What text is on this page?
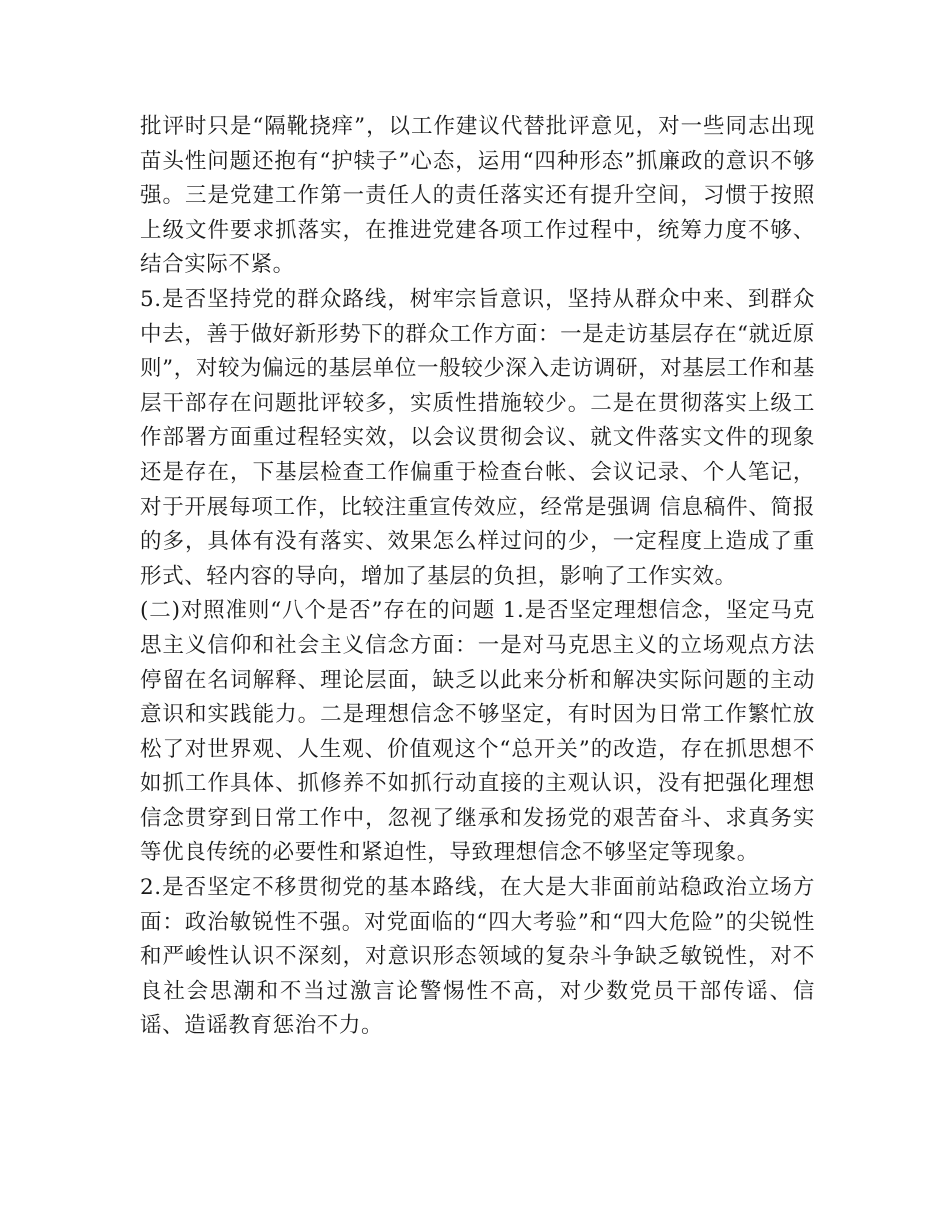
批评时只是“隔靴挠痒”，以工作建议代替批评意见，对一些同志出现苗头性问题还抱有“护犊子”心态，运用“四种形态”抓廉政的意识不够强。三是党建工作第一责任人的责任落实还有提升空间，习惯于按照上级文件要求抓落实，在推进党建各项工作过程中，统筹力度不够、结合实际不紧。

5.是否坚持党的群众路线，树牢宗旨意识，坚持从群众中来、到群众中去，善于做好新形势下的群众工作方面：一是走访基层存在“就近原则”，对较为偏远的基层单位一般较少深入走访调研，对基层工作和基层干部存在问题批评较多，实质性措施较少。二是在贯彻落实上级工作部署方面重过程轻实效，以会议贯彻会议、就文件落实文件的现象还是存在，下基层检查工作偏重于检查台帐、会议记录、个人笔记，对于开展每项工作，比较注重宣传效应，经常是强调 信息稿件、简报的多，具体有没有落实、效果怎么样过问的少，一定程度上造成了重形式、轻内容的导向，增加了基层的负担，影响了工作实效。

(二)对照准则“八个是否”存在的问题 1.是否坚定理想信念，坚定马克思主义信仰和社会主义信念方面：一是对马克思主义的立场观点方法停留在名词解释、理论层面，缺乏以此来分析和解决实际问题的主动意识和实践能力。二是理想信念不够坚定，有时因为日常工作繁忙放松了对世界观、人生观、价值观这个“总开关”的改造，存在抓思想不如抓工作具体、抓修养不如抓行动直接的主观认识，没有把强化理想信念贯穿到日常工作中，忽视了继承和发扬党的艰苦奋斗、求真务实等优良传统的必要性和紧迫性，导致理想信念不够坚定等现象。

2.是否坚定不移贯彻党的基本路线，在大是大非面前站稳政治立场方面：政治敏锐性不强。对党面临的“四大考验”和“四大危险”的尖锐性和严峻性认识不深刻，对意识形态领域的复杂斗争缺乏敏锐性，对不良社会思潮和不当过激言论警惕性不高，对少数党员干部传谣、信谣、造谣教育惩治不力。
